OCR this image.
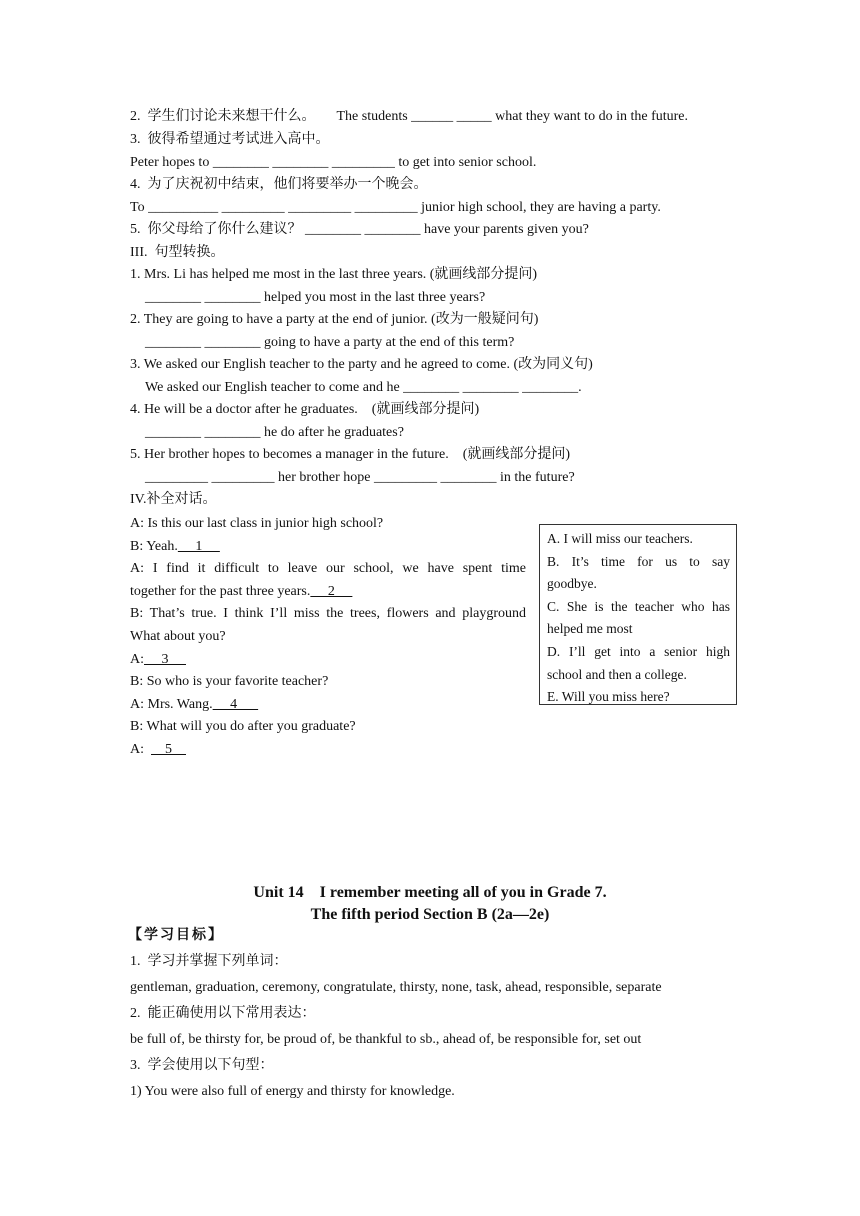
2.  学生们讨论未来想干什么。      The students ______ _____ what they want to do in the future.
3.  彼得希望通过考试进入高中。
Peter hopes to ________ ________ _________ to get into senior school.
4.  为了庆祝初中结束，他们将要举办一个晚会。
To __________ _________ _________ _________ junior high school, they are having a party.
5.  你父母给了你什么建议？ ________ ________ have your parents given you?
III.  句型转换。
1. Mrs. Li has helped me most in the last three years. (就画线部分提问)
________ ________ helped you most in the last three years?
2. They are going to have a party at the end of junior. (改为一般疑问句)
________ ________ going to have a party at the end of this term?
3. We asked our English teacher to the party and he agreed to come. (改为同义句)
We asked our English teacher to come and he ________ ________ ________.
4. He will be a doctor after he graduates.    (就画线部分提问)
________ ________ he do after he graduates?
5. Her brother hopes to becomes a manager in the future.    (就画线部分提问)
_________ _________ her brother hope _________ ________ in the future?
IV.补全对话。
A: Is this our last class in junior high school?
B: Yeah.     1
A: I find it difficult to leave our school, we have spent time
together for the past three years.     2
B: That’s true. I think I’ll miss the trees, flowers and playground
What about you?
A:     3
B: So who is your favorite teacher?
A: Mrs. Wang.     4
B: What will you do after you graduate?
A:      5
A. I will miss our teachers.
B. It’s time for us to say goodbye.
C. She is the teacher who has helped me most
D. I’ll get into a senior high school and then a college.
E. Will you miss here?
Unit 14    I remember meeting all of you in Grade 7.
The fifth period Section B (2a—2e)
【学习目标】
1.  学习并掌握下列单词：
gentleman, graduation, ceremony, congratulate, thirsty, none, task, ahead, responsible, separate
2.  能正确使用以下常用表达：
be full of, be thirsty for, be proud of, be thankful to sb., ahead of, be responsible for, set out
3.  学会使用以下句型：
1) You were also full of energy and thirsty for knowledge.
